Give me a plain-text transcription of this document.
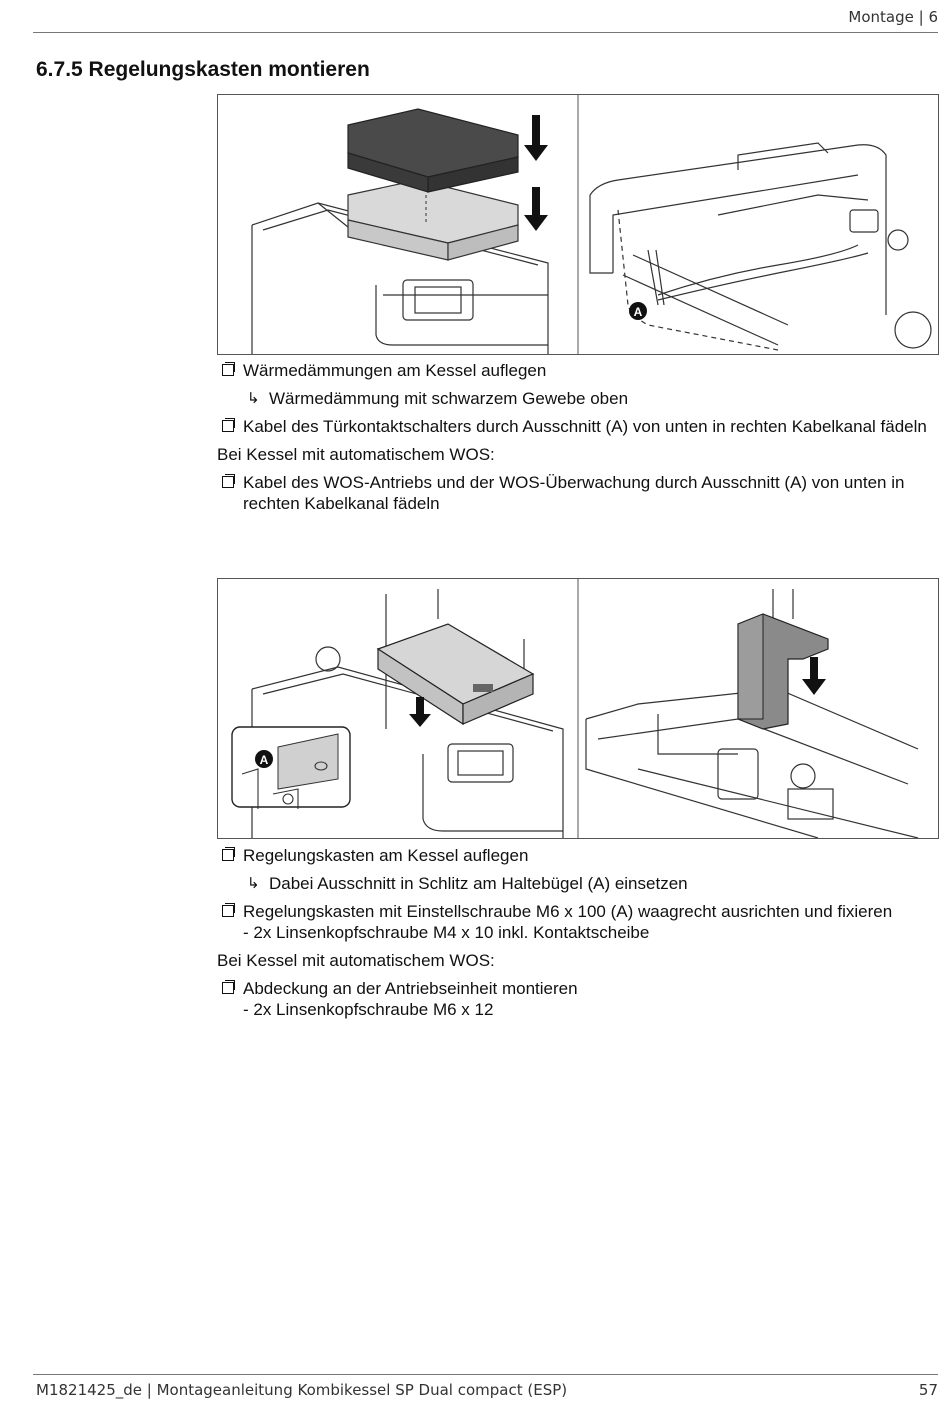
Montage | 6
6.7.5 Regelungskasten montieren
A
Wärmedämmungen am Kessel auflegen
↳ Wärmedämmung mit schwarzem Gewebe oben
Kabel des Türkontaktschalters durch Ausschnitt (A) von unten in rechten Kabelkanal fädeln
Bei Kessel mit automatischem WOS:
Kabel des WOS-Antriebs und der WOS-Überwachung durch Ausschnitt (A) von unten in rechten Kabelkanal fädeln
A
Regelungskasten am Kessel auflegen
↳ Dabei Ausschnitt in Schlitz am Haltebügel (A) einsetzen
Regelungskasten mit Einstellschraube M6 x 100 (A) waagrecht ausrichten und fixieren
- 2x Linsenkopfschraube M4 x 10 inkl. Kontaktscheibe
Bei Kessel mit automatischem WOS:
Abdeckung an der Antriebseinheit montieren
- 2x Linsenkopfschraube M6 x 12
M1821425_de | Montageanleitung Kombikessel SP Dual compact (ESP)	57
